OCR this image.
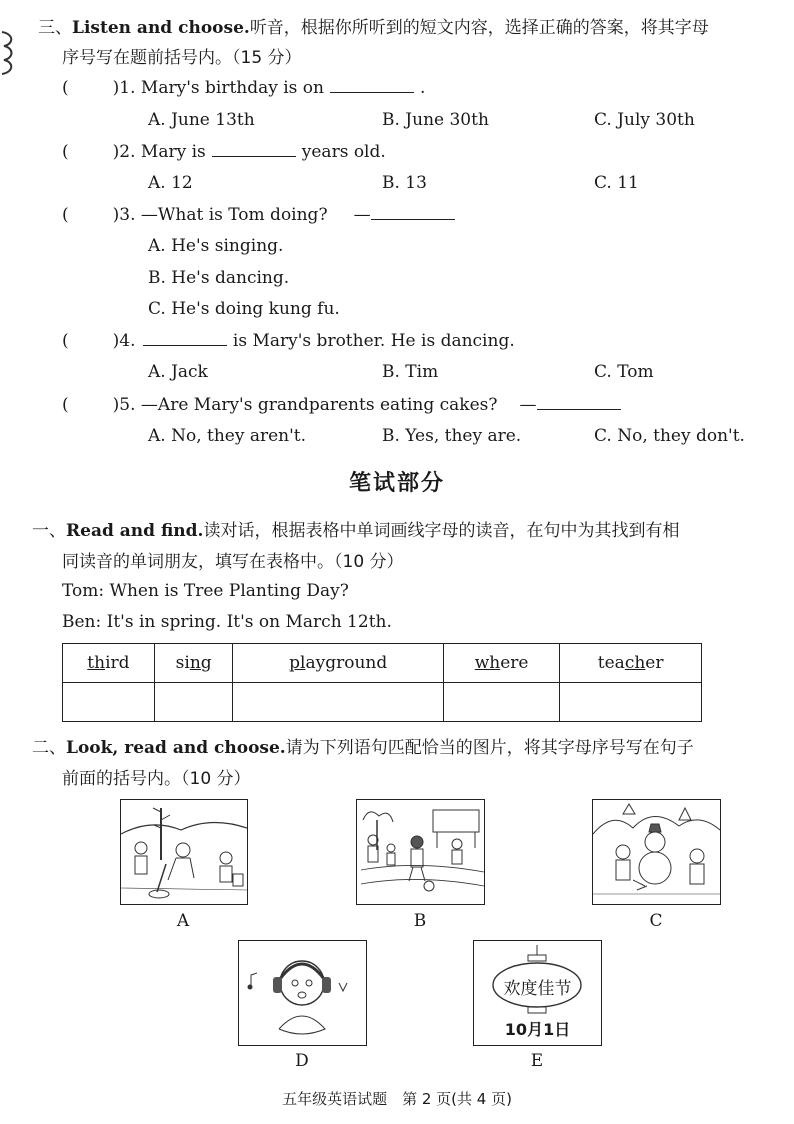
三、Listen and choose.听音，根据你所听到的短文内容，选择正确的答案，将其字母
序号写在题前括号内。（15 分）
(	)1. Mary's birthday is on	.
A. June 13th	B. June 30th	C. July 30th
(	)2. Mary is	years old.
A. 12	B. 13	C. 11
(	)3. —What is Tom doing? —
A. He's singing.
B. He's dancing.
C. He's doing kung fu.
(	)4.	is Mary's brother. He is dancing.
A. Jack	B. Tim	C. Tom
(	)5. —Are Mary's grandparents eating cakes? —
A. No, they aren't.	B. Yes, they are.	C. No, they don't.
笔试部分
一、Read and find.读对话，根据表格中单词画线字母的读音，在句中为其找到有相
同读音的单词朋友，填写在表格中。（10 分）
Tom: When is Tree Planting Day?
Ben: It's in spring. It's on March 12th.
third	sing	playground	where	teacher

二、Look, read and choose.请为下列语句匹配恰当的图片，将其字母序号写在句子
前面的括号内。（10 分）
A	B	C
D
欢度佳节
10月1日
E
五年级英语试题　第 2 页(共 4 页)
